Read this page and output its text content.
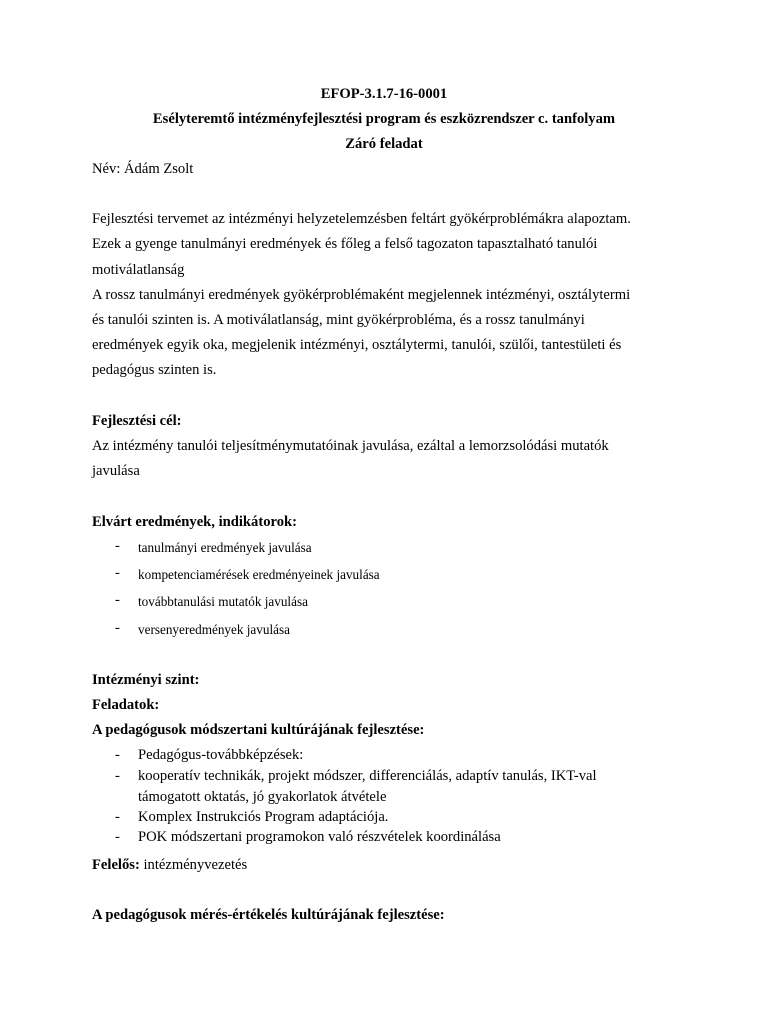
EFOP-3.1.7-16-0001
Esélyteremtő intézményfejlesztési program és eszközrendszer c. tanfolyam
Záró feladat
Név: Ádám Zsolt
Fejlesztési tervemet az intézményi helyzetelemzésben feltárt gyökérproblémákra alapoztam.
Ezek a gyenge tanulmányi eredmények és főleg a felső tagozaton tapasztalható tanulói
motiválatlanság
A rossz tanulmányi eredmények gyökérproblémaként megjelennek intézményi, osztálytermi
és tanulói szinten is. A motiválatlanság, mint gyökérprobléma, és a rossz tanulmányi
eredmények egyik oka, megjelenik intézményi, osztálytermi, tanulói, szülői, tantestületi és
pedagógus szinten is.
Fejlesztési cél:
Az intézmény tanulói teljesítménymutatóinak javulása, ezáltal a lemorzsolódási mutatók
javulása
Elvárt eredmények, indikátorok:
- tanulmányi eredmények javulása
- kompetenciamérések eredményeinek javulása
- továbbtanulási mutatók javulása
- versenyeredmények javulása
Intézményi szint:
Feladatok:
A pedagógusok módszertani kultúrájának fejlesztése:
- Pedagógus-továbbképzések:
- kooperatív technikák, projekt módszer, differenciálás, adaptív tanulás, IKT-val
támogatott oktatás, jó gyakorlatok átvétele
- Komplex Instrukciós Program adaptációja.
- POK módszertani programokon való részvételek koordinálása
Felelős: intézményvezetés
A pedagógusok mérés-értékelés kultúrájának fejlesztése:
